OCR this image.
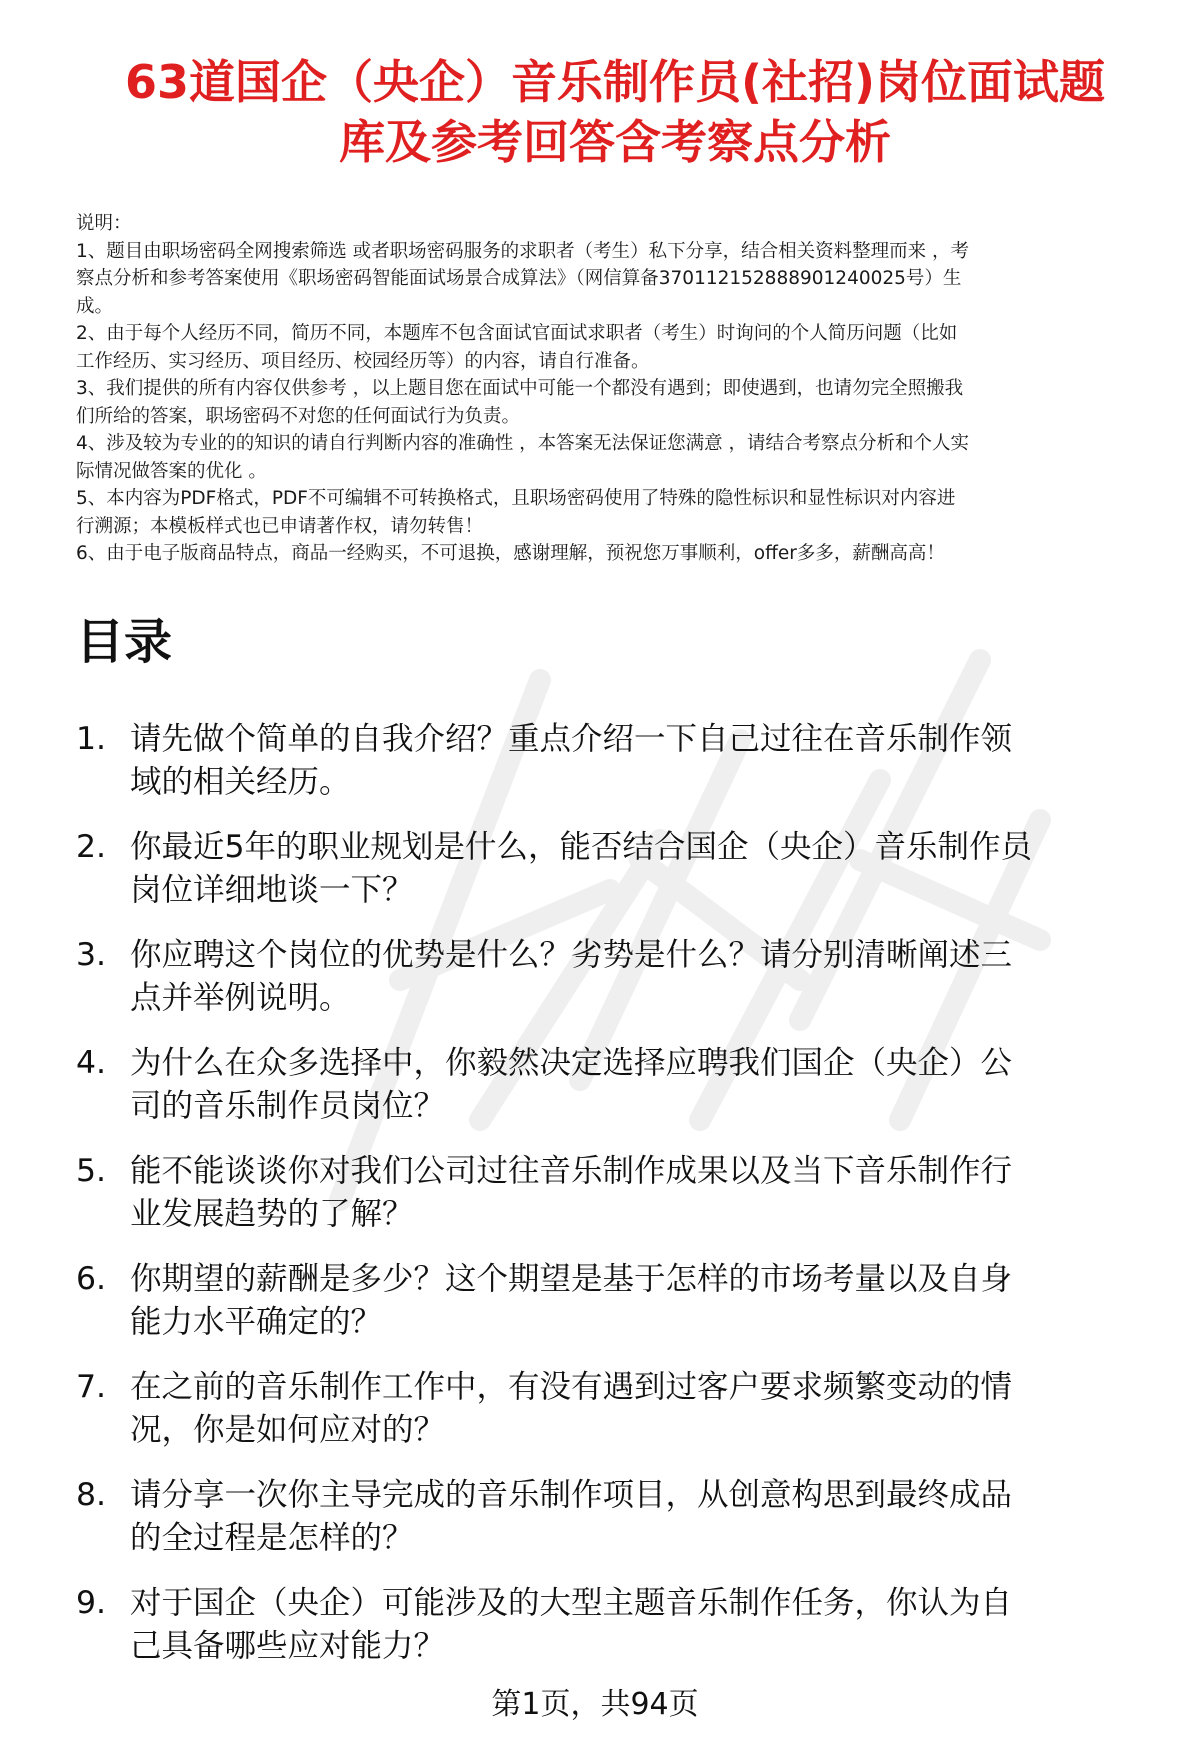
63道国企（央企）音乐制作员(社招)岗位面试题
库及参考回答含考察点分析
说明：
1、题目由职场密码全网搜索筛选 或者职场密码服务的求职者（考生）私下分享，结合相关资料整理而来 ，考
察点分析和参考答案使用《职场密码智能面试场景合成算法》（网信算备370112152888901240025号）生
成。
2、由于每个人经历不同，简历不同，本题库不包含面试官面试求职者（考生）时询问的个人简历问题（比如
工作经历、实习经历、项目经历、校园经历等）的内容，请自行准备。
3、我们提供的所有内容仅供参考 ，以上题目您在面试中可能一个都没有遇到；即使遇到，也请勿完全照搬我
们所给的答案，职场密码不对您的任何面试行为负责。
4、涉及较为专业的的知识的请自行判断内容的准确性 ，本答案无法保证您满意 ，请结合考察点分析和个人实
际情况做答案的优化 。
5、本内容为PDF格式，PDF不可编辑不可转换格式，且职场密码使用了特殊的隐性标识和显性标识对内容进
行溯源；本模板样式也已申请著作权，请勿转售！
6、由于电子版商品特点，商品一经购买，不可退换，感谢理解，预祝您万事顺利，offer多多，薪酬高高！
目录
1. 请先做个简单的自我介绍？重点介绍一下自己过往在音乐制作领
域的相关经历。
2. 你最近5年的职业规划是什么，能否结合国企（央企）音乐制作员
岗位详细地谈一下？
3. 你应聘这个岗位的优势是什么？劣势是什么？请分别清晰阐述三
点并举例说明。
4. 为什么在众多选择中，你毅然决定选择应聘我们国企（央企）公
司的音乐制作员岗位？
5. 能不能谈谈你对我们公司过往音乐制作成果以及当下音乐制作行
业发展趋势的了解？
6. 你期望的薪酬是多少？这个期望是基于怎样的市场考量以及自身
能力水平确定的？
7. 在之前的音乐制作工作中，有没有遇到过客户要求频繁变动的情
况，你是如何应对的？
8. 请分享一次你主导完成的音乐制作项目，从创意构思到最终成品
的全过程是怎样的？
9. 对于国企（央企）可能涉及的大型主题音乐制作任务，你认为自
己具备哪些应对能力？
第1页，共94页
